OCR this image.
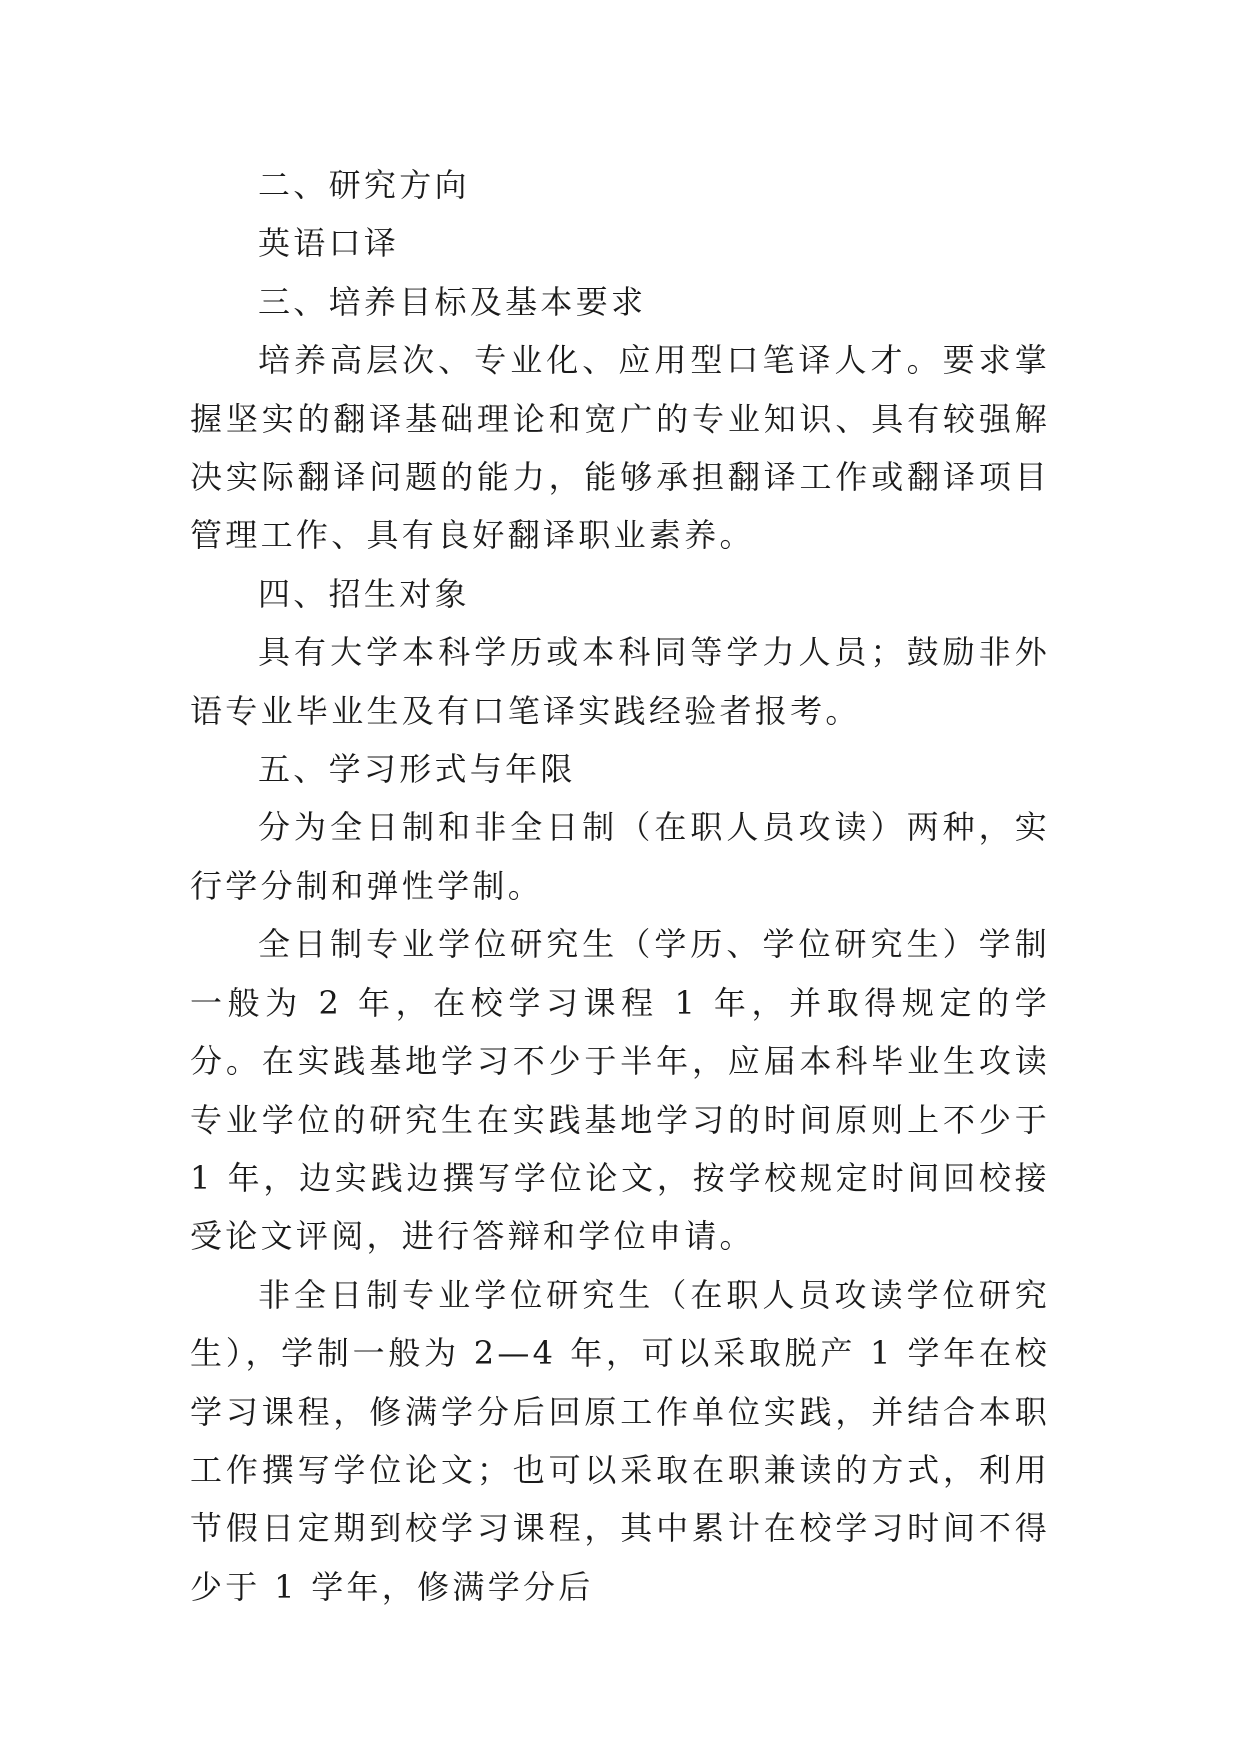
二、研究方向

英语口译

三、培养目标及基本要求

培养高层次、专业化、应用型口笔译人才。要求掌握坚实的翻译基础理论和宽广的专业知识、具有较强解决实际翻译问题的能力，能够承担翻译工作或翻译项目管理工作、具有良好翻译职业素养。

四、招生对象

具有大学本科学历或本科同等学力人员；鼓励非外语专业毕业生及有口笔译实践经验者报考。

五、学习形式与年限

分为全日制和非全日制（在职人员攻读）两种，实行学分制和弹性学制。

全日制专业学位研究生（学历、学位研究生）学制一般为 2 年，在校学习课程 1 年，并取得规定的学分。在实践基地学习不少于半年，应届本科毕业生攻读专业学位的研究生在实践基地学习的时间原则上不少于 1 年，边实践边撰写学位论文，按学校规定时间回校接受论文评阅，进行答辩和学位申请。

非全日制专业学位研究生（在职人员攻读学位研究生），学制一般为 2—4 年，可以采取脱产 1 学年在校学习课程，修满学分后回原工作单位实践，并结合本职工作撰写学位论文；也可以采取在职兼读的方式，利用节假日定期到校学习课程，其中累计在校学习时间不得少于 1 学年，修满学分后
